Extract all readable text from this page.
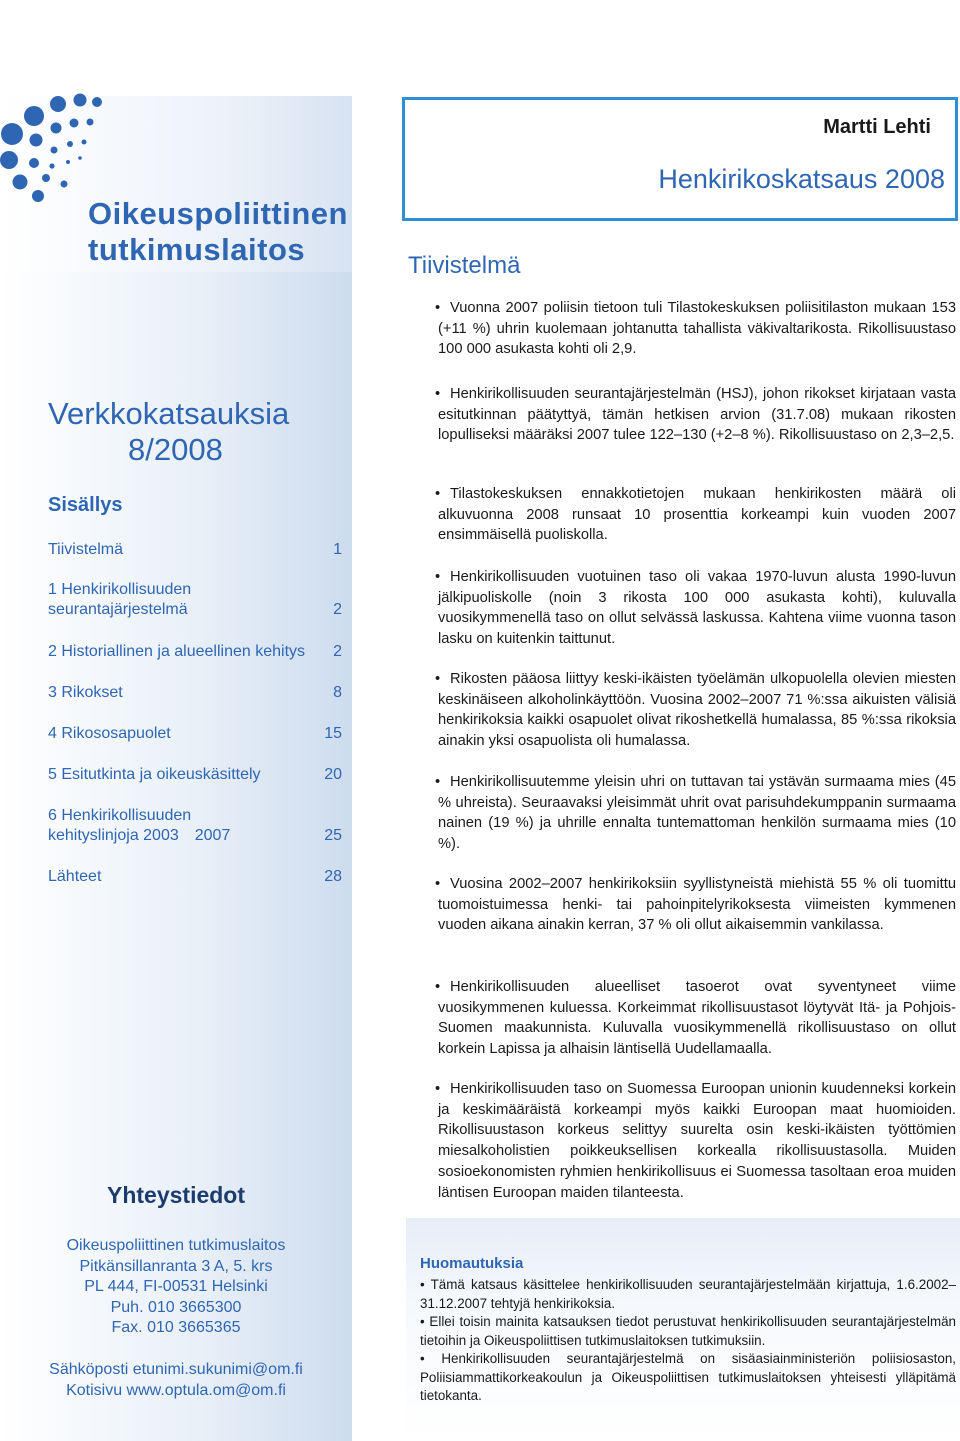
Oikeuspoliittinen
tutkimuslaitos
Verkkokatsauksia
8/2008
Sisällys
Tiivistelmä	1
1 Henkirikollisuuden  seurantajärjestelmä	2
2 Historiallinen ja alueellinen kehitys	2
3 Rikokset	8
4 Rikososapuolet	15
5 Esitutkinta ja oikeuskäsittely	20
6 Henkirikollisuuden kehityslinjoja 2003 2007	25
Lähteet	28
Yhteystiedot
Oikeuspoliittinen tutkimuslaitos
Pitkänsillanranta 3 A, 5. krs
PL 444, FI-00531 Helsinki
Puh. 010 3665300
Fax. 010 3665365
Sähköposti etunimi.sukunimi@om.fi
Kotisivu www.optula.om@om.fi
Martti Lehti
Henkirikoskatsaus 2008
Tiivistelmä
• Vuonna 2007 poliisin tietoon tuli Tilastokeskuksen poliisitilaston mukaan 153 (+11 %) uhrin kuolemaan johtanutta tahallista väkivaltarikosta. Rikollisuustaso 100 000 asukasta kohti oli 2,9.
• Henkirikollisuuden seurantajärjestelmän (HSJ), johon rikokset kirjataan vasta esitutkinnan päätyttyä, tämän hetkisen arvion (31.7.08) mukaan rikosten lopulliseksi määräksi 2007 tulee 122–130 (+2–8 %). Rikollisuustaso on 2,3–2,5.
• Tilastokeskuksen ennakkotietojen mukaan henkirikosten määrä oli alkuvuonna 2008 runsaat 10 prosenttia korkeampi kuin vuoden 2007 ensimmäisellä puoliskolla.
• Henkirikollisuuden vuotuinen taso oli vakaa 1970-luvun alusta 1990-luvun jälkipuoliskolle (noin 3 rikosta 100 000 asukasta kohti), kuluvalla vuosikymmenellä taso on ollut selvässä laskussa. Kahtena viime vuonna tason lasku on kuitenkin taittunut.
• Rikosten pääosa liittyy keski-ikäisten työelämän ulkopuolella olevien miesten keskinäiseen alkoholinkäyttöön. Vuosina 2002–2007 71 %:ssa aikuisten välisiä henkirikoksia kaikki osapuolet olivat rikoshetkellä humalassa, 85 %:ssa rikoksia ainakin yksi osapuolista oli humalassa.
• Henkirikollisuutemme yleisin uhri on tuttavan tai ystävän surmaama mies (45 % uhreista). Seuraavaksi yleisimmät uhrit ovat parisuhdekumppanin surmaama nainen (19 %) ja uhrille ennalta tuntemattoman henkilön surmaama mies (10 %).
• Vuosina 2002–2007 henkirikoksiin syyllistyneistä miehistä 55 % oli tuomittu tuomoistuimessa henki- tai pahoinpitelyrikoksesta viimeisten kymmenen vuoden aikana ainakin kerran, 37 % oli ollut aikaisemmin vankilassa.
• Henkirikollisuuden alueelliset tasoerot ovat syventyneet viime vuosikymmenen kuluessa. Korkeimmat rikollisuustasot löytyvät Itä- ja Pohjois-Suomen maakunnista. Kuluvalla vuosikymmenellä rikollisuustaso on ollut korkein Lapissa ja alhaisin läntisellä Uudellamaalla.
• Henkirikollisuuden taso on Suomessa Euroopan unionin kuudenneksi korkein ja keskimääräistä korkeampi myös kaikki Euroopan maat huomioiden. Rikollisuustason korkeus selittyy suurelta osin keski-ikäisten työttömien miesalkoholistien poikkeuksellisen korkealla rikollisuustasolla. Muiden sosioekonomisten ryhmien henkirikollisuus ei Suomessa tasoltaan eroa muiden läntisen Euroopan maiden tilanteesta.
Huomautuksia
• Tämä katsaus käsittelee henkirikollisuuden seurantajärjestelmään kirjattuja, 1.6.2002–31.12.2007 tehtyjä henkirikoksia.
• Ellei toisin mainita katsauksen tiedot perustuvat henkirikollisuuden seurantajärjestelmän tietoihin ja Oikeuspoliittisen tutkimuslaitoksen tutkimuksiin.
• Henkirikollisuuden seurantajärjestelmä on sisäasiainministeriön poliisiosaston, Poliisiammattikorkeakoulun ja Oikeuspoliittisen tutkimuslaitoksen yhteisesti ylläpitämä tietokanta.
